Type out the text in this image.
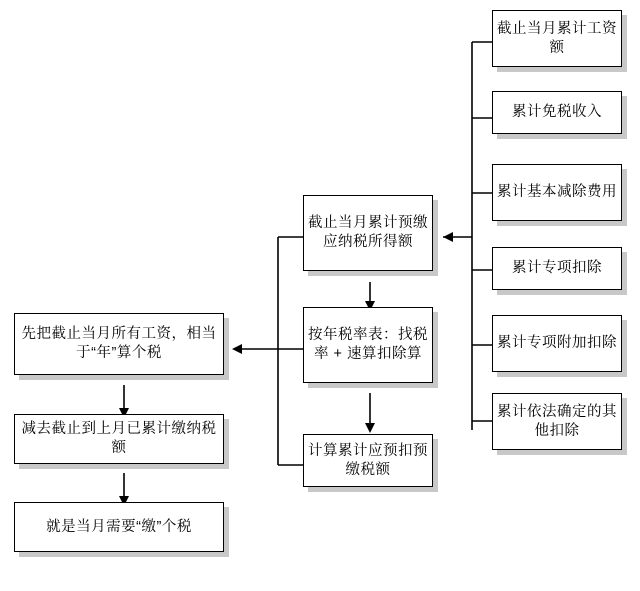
截止当月累计工资额
累计免税收入
累计基本减除费用
累计专项扣除
累计专项附加扣除
累计依法确定的其他扣除
截止当月累计预缴应纳税所得额
按年税率表：找税率 + 速算扣除算
计算累计应预扣预缴税额
先把截止当月所有工资，相当于“年”算个税
减去截止到上月已累计缴纳税额
就是当月需要“缴”个税
